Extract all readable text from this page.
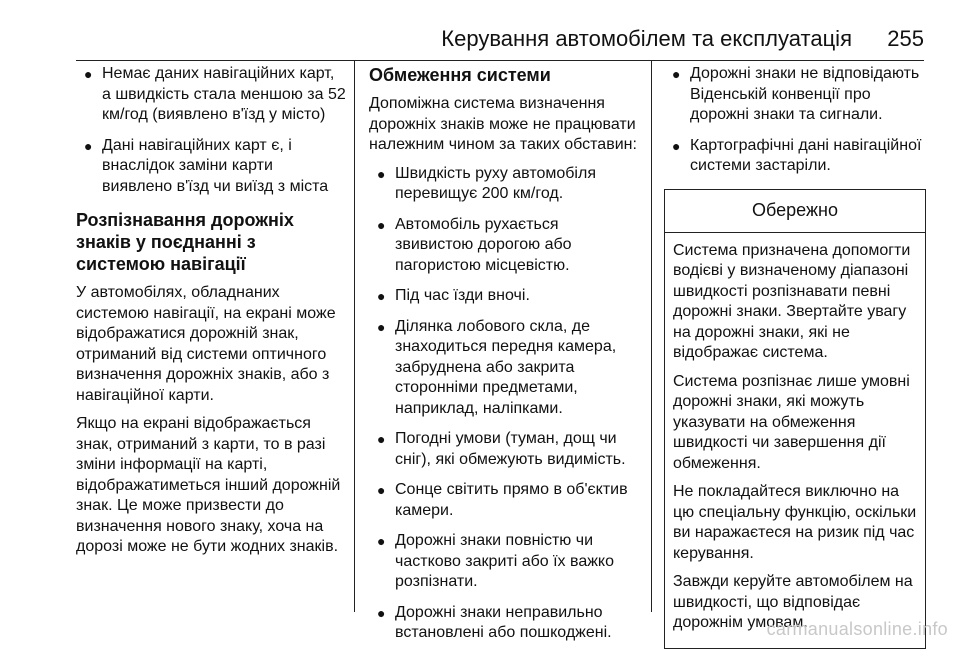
Керування автомобілем та експлуатація 255
● Немає даних навігаційних карт, а швидкість стала меншою за 52 км/год (виявлено в'їзд у місто)
● Дані навігаційних карт є, і внаслідок заміни карти виявлено в'їзд чи виїзд з міста
Розпізнавання дорожніх знаків у поєднанні з системою навігації

У автомобілях, обладнаних системою навігації, на екрані може відображатися дорожній знак, отриманий від системи оптичного визначення дорожніх знаків, або з навігаційної карти.

Якщо на екрані відображається знак, отриманий з карти, то в разі зміни інформації на карті, відображатиметься інший дорожній знак. Це може призвести до визначення нового знаку, хоча на дорозі може не бути жодних знаків.

Обмеження системи

Допоміжна система визначення дорожніх знаків може не працювати належним чином за таких обставин:

● Швидкість руху автомобіля перевищує 200 км/год.
● Автомобіль рухається звивистою дорогою або пагористою місцевістю.
● Під час їзди вночі.
● Ділянка лобового скла, де знаходиться передня камера, забруднена або закрита сторонніми предметами, наприклад, наліпками.
● Погодні умови (туман, дощ чи сніг), які обмежують видимість.
● Сонце світить прямо в об'єктив камери.
● Дорожні знаки повністю чи частково закриті або їх важко розпізнати.
● Дорожні знаки неправильно встановлені або пошкоджені.
● Дорожні знаки не відповідають Віденській конвенції про дорожні знаки та сигнали.
● Картографічні дані навігаційної системи застаріли.
Обережно

Система призначена допомогти водієві у визначеному діапазоні швидкості розпізнавати певні дорожні знаки. Звертайте увагу на дорожні знаки, які не відображає система.

Система розпізнає лише умовні дорожні знаки, які можуть указувати на обмеження швидкості чи завершення дії обмеження.

Не покладайтеся виключно на цю спеціальну функцію, оскільки ви наражаєтеся на ризик під час керування.

Завжди керуйте автомобілем на швидкості, що відповідає дорожнім умовам.

carmanualsonline.info
